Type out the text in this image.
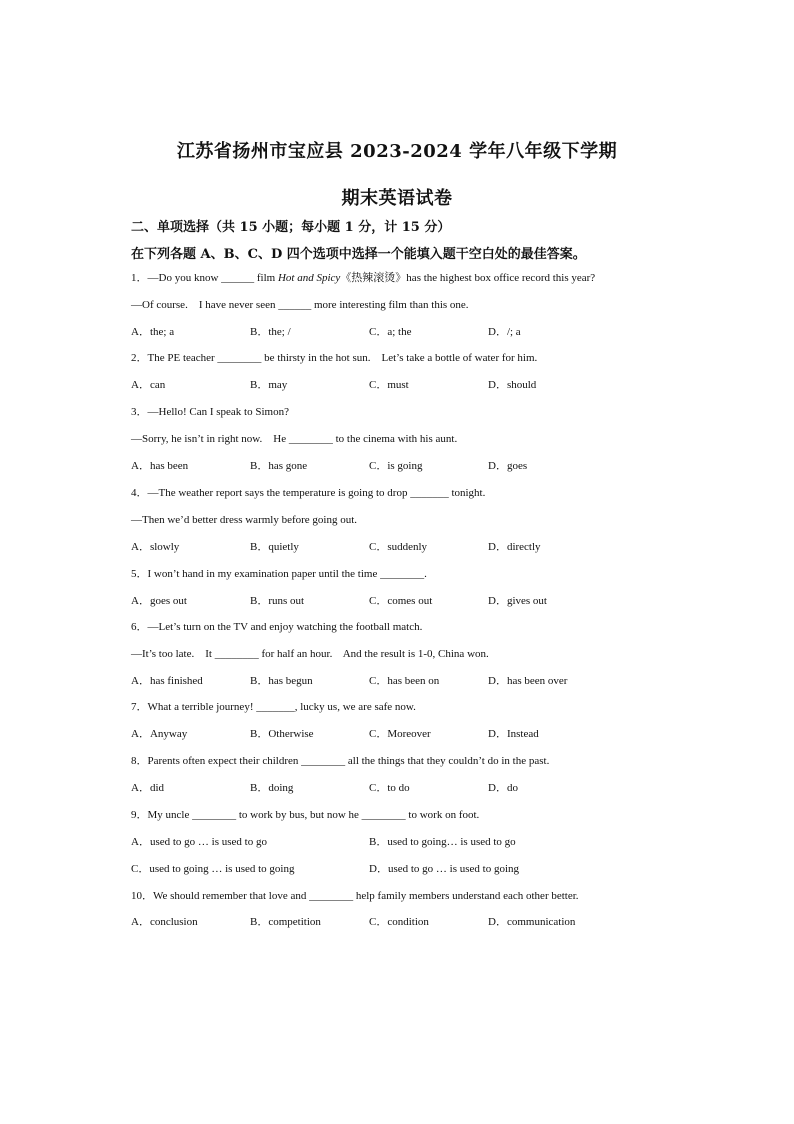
江苏省扬州市宝应县 2023-2024 学年八年级下学期
期末英语试卷
二、单项选择（共 15 小题；每小题 1 分，计 15 分）
在下列各题 A、B、C、D 四个选项中选择一个能填入题干空白处的最佳答案。
1．—Do you know ______ film Hot and Spicy《热辣滚烫》has the highest box office record this year?
—Of course.    I have never seen ______ more interesting film than this one.
A．the; a	B．the; /	C．a; the	D．/; a
2．The PE teacher ________ be thirsty in the hot sun.    Let’s take a bottle of water for him.
A．can	B．may	C．must	D．should
3．—Hello! Can I speak to Simon?
—Sorry, he isn’t in right now.    He ________ to the cinema with his aunt.
A．has been	B．has gone	C．is going	D．goes
4．—The weather report says the temperature is going to drop _______ tonight.
—Then we’d better dress warmly before going out.
A．slowly	B．quietly	C．suddenly	D．directly
5．I won’t hand in my examination paper until the time ________.
A．goes out	B．runs out	C．comes out	D．gives out
6．—Let’s turn on the TV and enjoy watching the football match.
—It’s too late.    It ________ for half an hour.    And the result is 1-0, China won.
A．has finished	B．has begun	C．has been on	D．has been over
7．What a terrible journey! _______, lucky us, we are safe now.
A．Anyway	B．Otherwise	C．Moreover	D．Instead
8．Parents often expect their children ________ all the things that they couldn’t do in the past.
A．did	B．doing	C．to do	D．do
9．My uncle ________ to work by bus, but now he ________ to work on foot.
A．used to go … is used to go	B．used to going… is used to go
C．used to going … is used to going	D．used to go … is used to going
10．We should remember that love and ________ help family members understand each other better.
A．conclusion	B．competition	C．condition	D．communication
